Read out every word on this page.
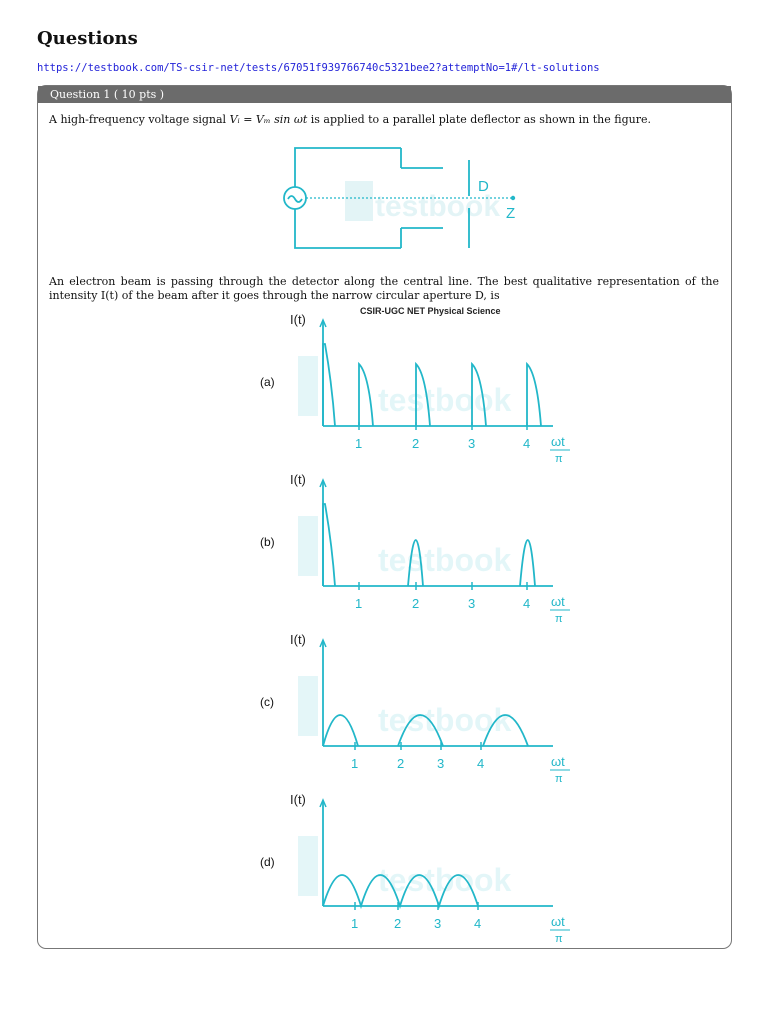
Questions
https://testbook.com/TS-csir-net/tests/67051f939766740c5321bee2?attemptNo=1#/lt-solutions
Question 1 ( 10 pts )
A high-frequency voltage signal Vᵢ = Vₘ sin ωt is applied to a parallel plate deflector as shown in the figure.
testbook
D
Z
An electron beam is passing through the detector along the central line. The best qualitative representation of the intensity I(t) of the beam after it goes through the narrow circular aperture D, is
CSIR-UGC NET Physical Science
testbook
(a)
I(t)
1	2	3	4 ωt
π
testbook
(b)
I(t)
1	2	3	4 ωt
π
testbook
(c)
I(t)
1	2	3	4	ωt
π
testbook
(d)
I(t)
1	2	3	4	ωt
π
